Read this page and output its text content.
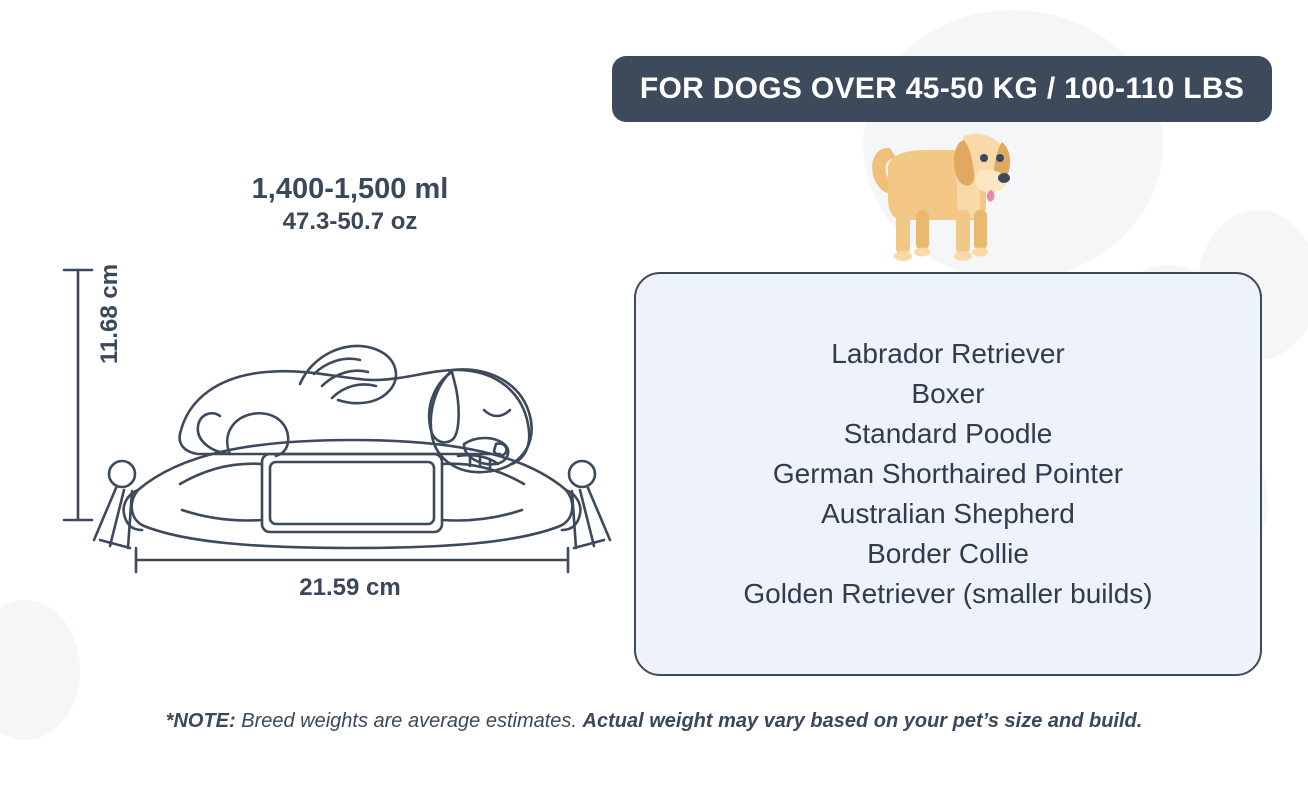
FOR DOGS OVER 45-50 KG / 100-110 LBS
1,400-1,500 ml
47.3-50.7 oz
11.68 cm
21.59 cm
Labrador Retriever
Boxer
Standard Poodle
German Shorthaired Pointer
Australian Shepherd
Border Collie
Golden Retriever (smaller builds)
*NOTE: Breed weights are average estimates. Actual weight may vary based on your pet’s size and build.
